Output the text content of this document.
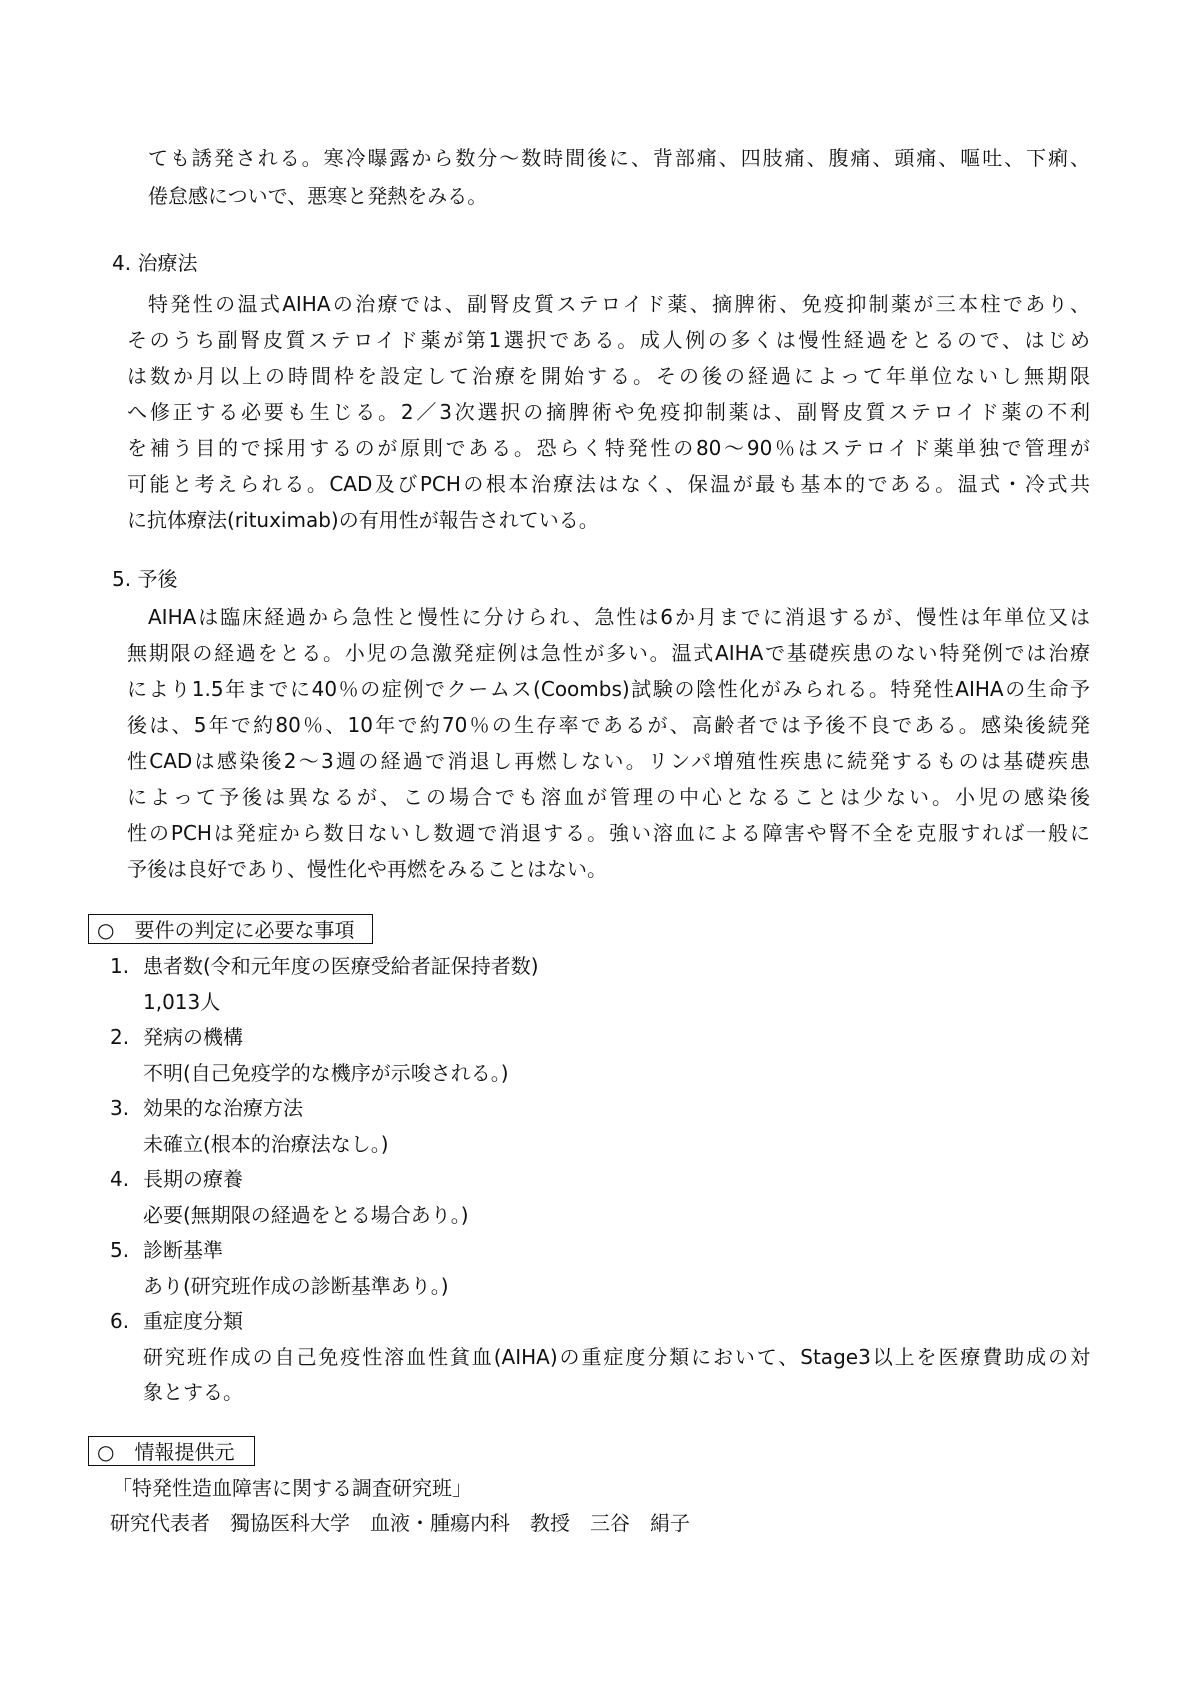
ても誘発される。寒冷曝露から数分〜数時間後に、背部痛、四肢痛、腹痛、頭痛、嘔吐、下痢、
倦怠感についで、悪寒と発熱をみる。
4. 治療法
特発性の温式AIHAの治療では、副腎皮質ステロイド薬、摘脾術、免疫抑制薬が三本柱であり、
そのうち副腎皮質ステロイド薬が第1選択である。成人例の多くは慢性経過をとるので、はじめ
は数か月以上の時間枠を設定して治療を開始する。その後の経過によって年単位ないし無期限
へ修正する必要も生じる。2／3次選択の摘脾術や免疫抑制薬は、副腎皮質ステロイド薬の不利
を補う目的で採用するのが原則である。恐らく特発性の80〜90％はステロイド薬単独で管理が
可能と考えられる。CAD及びPCHの根本治療法はなく、保温が最も基本的である。温式・冷式共
に抗体療法(rituximab)の有用性が報告されている。
5. 予後
AIHAは臨床経過から急性と慢性に分けられ、急性は6か月までに消退するが、慢性は年単位又は
無期限の経過をとる。小児の急激発症例は急性が多い。温式AIHAで基礎疾患のない特発例では治療
により1.5年までに40％の症例でクームス(Coombs)試験の陰性化がみられる。特発性AIHAの生命予
後は、5年で約80％、10年で約70％の生存率であるが、高齢者では予後不良である。感染後続発
性CADは感染後2〜3週の経過で消退し再燃しない。リンパ増殖性疾患に続発するものは基礎疾患
によって予後は異なるが、この場合でも溶血が管理の中心となることは少ない。小児の感染後
性のPCHは発症から数日ないし数週で消退する。強い溶血による障害や腎不全を克服すれば一般に
予後は良好であり、慢性化や再燃をみることはない。
○　要件の判定に必要な事項
1. 患者数(令和元年度の医療受給者証保持者数)
1,013人
2. 発病の機構
不明(自己免疫学的な機序が示唆される。)
3. 効果的な治療方法
未確立(根本的治療法なし。)
4. 長期の療養
必要(無期限の経過をとる場合あり。)
5. 診断基準
あり(研究班作成の診断基準あり。)
6. 重症度分類
研究班作成の自己免疫性溶血性貧血(AIHA)の重症度分類において、Stage3以上を医療費助成の対
象とする。
○　情報提供元
「特発性造血障害に関する調査研究班」
研究代表者　獨協医科大学　血液・腫瘍内科　教授　三谷　絹子
